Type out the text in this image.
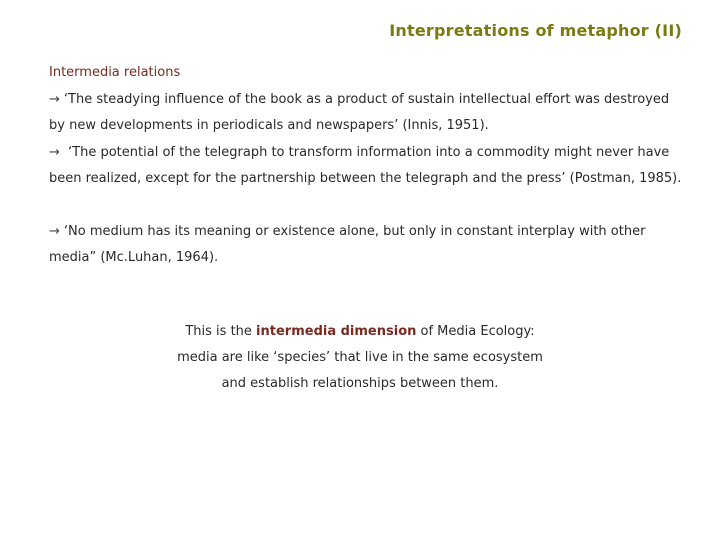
Interpretations of metaphor (II)
Intermedia relations
→ ‘The steadying influence of the book as a product of sustain intellectual effort was destroyed by new developments in periodicals and newspapers’ (Innis, 1951).
→ ‘The potential of the telegraph to transform information into a commodity might never have been realized, except for the partnership between the telegraph and the press’ (Postman, 1985).
→ ‘No medium has its meaning or existence alone, but only in constant interplay with other media” (Mc.Luhan, 1964).
This is the intermedia dimension of Media Ecology:
media are like ‘species’ that live in the same ecosystem
and establish relationships between them.
